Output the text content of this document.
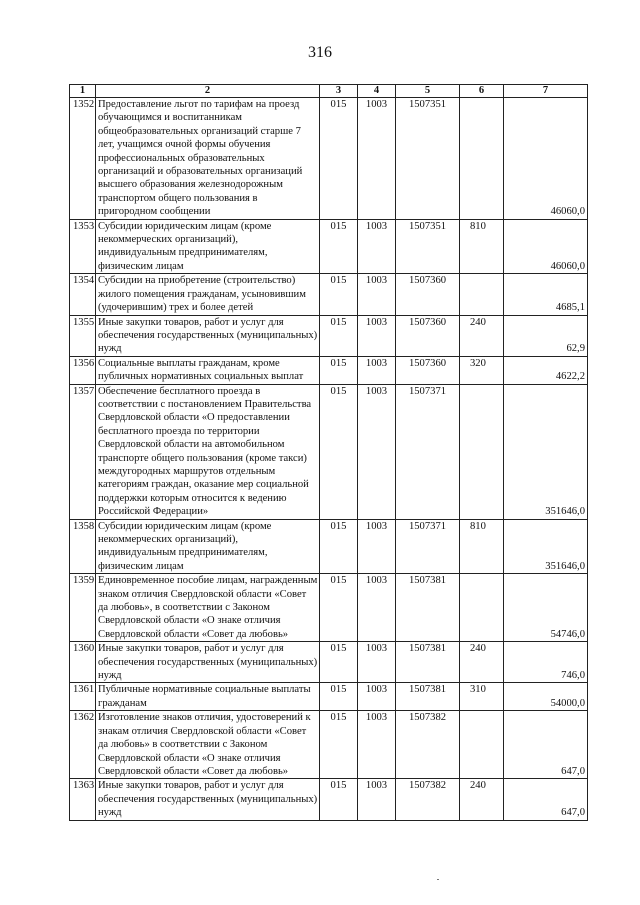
316
1	2	3	4	5	6	7
1352	Предоставление льгот по тарифам на проезд обучающимся и воспитанникам общеобразовательных организаций старше 7 лет, учащимся очной формы обучения профессиональных образовательных организаций и образовательных организаций высшего образования железнодорожным транспортом общего пользования в пригородном сообщении	015	1003	1507351		46060,0
1353	Субсидии юридическим лицам (кроме некоммерческих организаций), индивидуальным предпринимателям, физическим лицам	015	1003	1507351	810	46060,0
1354	Субсидии на приобретение (строительство) жилого помещения гражданам, усыновившим (удочерившим) трех и более детей	015	1003	1507360		4685,1
1355	Иные закупки товаров, работ и услуг для обеспечения государственных (муниципальных) нужд	015	1003	1507360	240	62,9
1356	Социальные выплаты гражданам, кроме публичных нормативных социальных выплат	015	1003	1507360	320	4622,2
1357	Обеспечение бесплатного проезда в соответствии с постановлением Правительства Свердловской области «О предоставлении бесплатного проезда по территории Свердловской области на автомобильном транспорте общего пользования (кроме такси) междугородных маршрутов отдельным категориям граждан, оказание мер социальной поддержки которым относится к ведению Российской Федерации»	015	1003	1507371		351646,0
1358	Субсидии юридическим лицам (кроме некоммерческих организаций), индивидуальным предпринимателям, физическим лицам	015	1003	1507371	810	351646,0
1359	Единовременное пособие лицам, награжденным знаком отличия Свердловской области «Совет да любовь», в соответствии с Законом Свердловской области «О знаке отличия Свердловской области «Совет да любовь»	015	1003	1507381		54746,0
1360	Иные закупки товаров, работ и услуг для обеспечения государственных (муниципальных) нужд	015	1003	1507381	240	746,0
1361	Публичные нормативные социальные выплаты гражданам	015	1003	1507381	310	54000,0
1362	Изготовление знаков отличия, удостоверений к знакам отличия Свердловской области «Совет да любовь» в соответствии с Законом Свердловской области «О знаке отличия Свердловской области «Совет да любовь»	015	1003	1507382		647,0
1363	Иные закупки товаров, работ и услуг для обеспечения государственных (муниципальных) нужд	015	1003	1507382	240	647,0
